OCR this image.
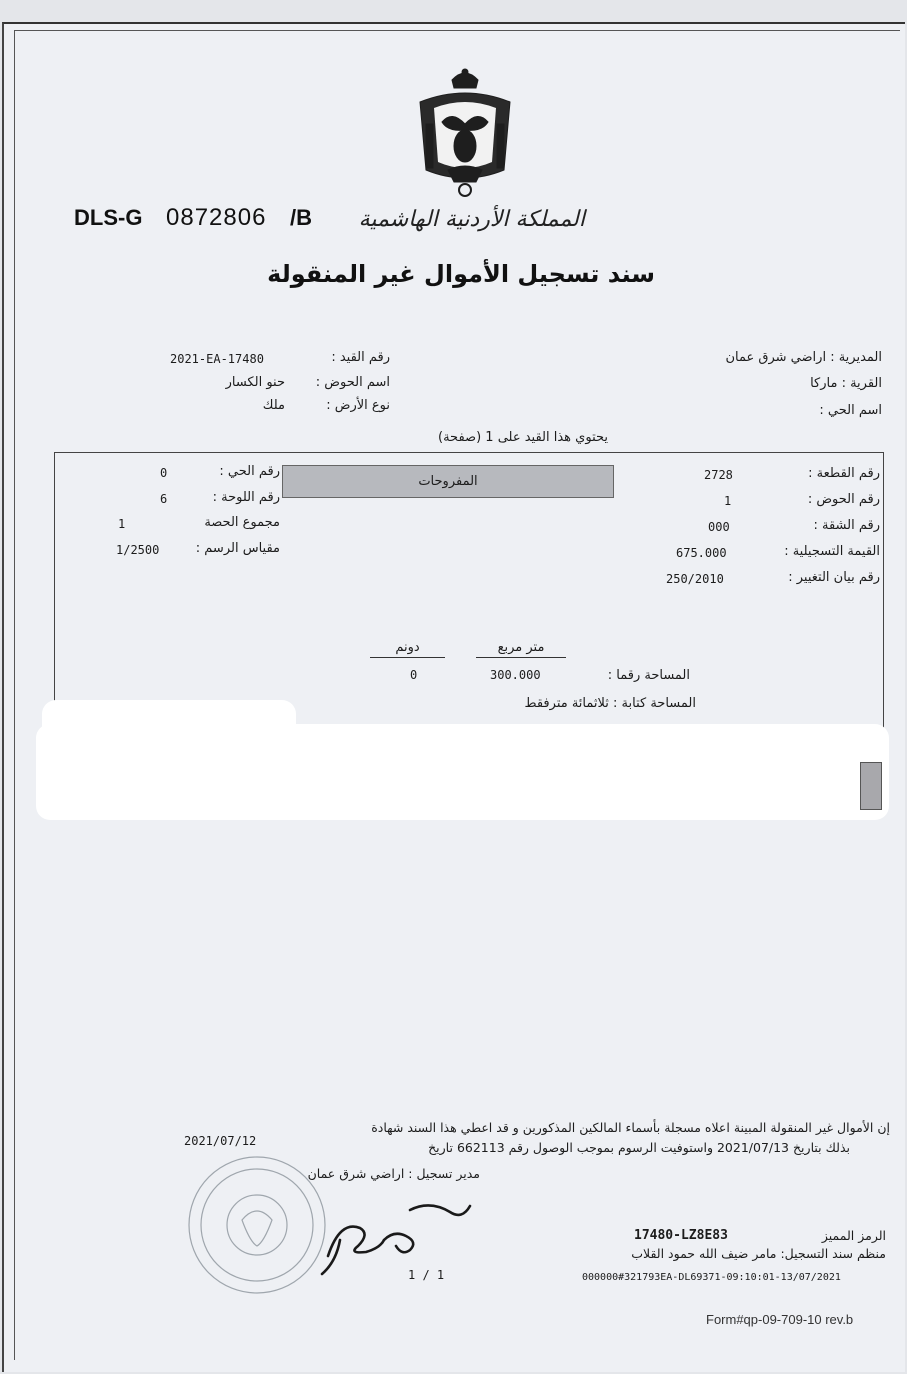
DLS-G 0872806 /B	المملكة الأردنية الهاشمية
سند تسجيل الأموال غير المنقولة
المديرية : اراضي شرق عمان
القرية : ماركا
اسم الحي :
رقم القيد :
2021-EA-17480
اسم الحوض :
حنو الكسار
نوع الأرض :
ملك
يحتوي هذا القيد على 1 (صفحة)
المفروحات
رقم القطعة :
2728
رقم الحوض :
1
رقم الشقة :
000
القيمة التسجيلية :
675.000
رقم بيان التغيير :
250/2010
رقم الحي :
0
رقم اللوحة :
6
مجموع الحصة
1
مقياس الرسم :
1/2500
متر مربع
دونم
المساحة رقما :
300.000
0
المساحة كتابة : ثلاثمائة مترفقط
إن الأموال غير المنقولة المبينة اعلاه مسجلة بأسماء المالكين المذكورين و قد اعطي هذا السند شهادة
بذلك بتاريخ 2021/07/13 واستوفيت الرسوم بموجب الوصول رقم 662113 تاريخ
2021/07/12
مدير تسجيل : اراضي شرق عمان
الرمز المميز
17480-LZ8E83
منظم سند التسجيل: مامر ضيف الله حمود القلاب
000000#321793EA-DL69371-09:10:01-13/07/2021
1 / 1
Form#qp-09-709-10 rev.b
